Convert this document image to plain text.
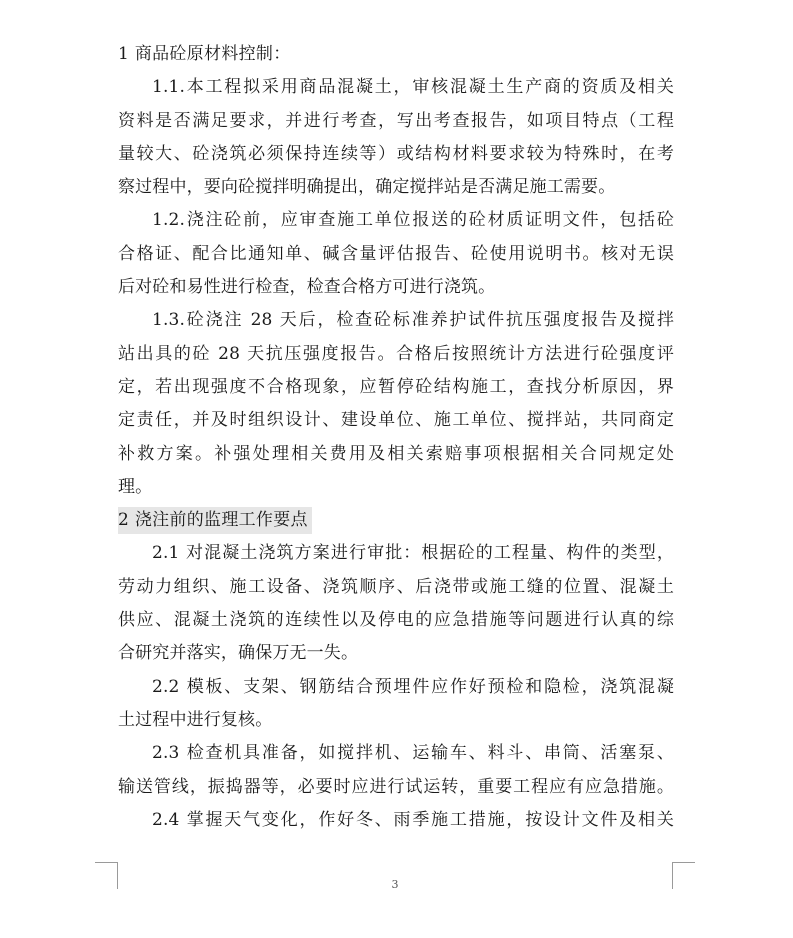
1 商品砼原材料控制：
1.1.本工程拟采用商品混凝土，审核混凝土生产商的资质及相关
资料是否满足要求，并进行考查，写出考查报告，如项目特点（工程
量较大、砼浇筑必须保持连续等）或结构材料要求较为特殊时，在考
察过程中，要向砼搅拌明确提出，确定搅拌站是否满足施工需要。
1.2.浇注砼前，应审查施工单位报送的砼材质证明文件，包括砼
合格证、配合比通知单、碱含量评估报告、砼使用说明书。核对无误
后对砼和易性进行检查，检查合格方可进行浇筑。
1.3.砼浇注 28 天后，检查砼标准养护试件抗压强度报告及搅拌
站出具的砼 28 天抗压强度报告。合格后按照统计方法进行砼强度评
定，若出现强度不合格现象，应暂停砼结构施工，查找分析原因，界
定责任，并及时组织设计、建设单位、施工单位、搅拌站，共同商定
补救方案。补强处理相关费用及相关索赔事项根据相关合同规定处
理。
2 浇注前的监理工作要点
2.1 对混凝土浇筑方案进行审批：根据砼的工程量、构件的类型，
劳动力组织、施工设备、浇筑顺序、后浇带或施工缝的位置、混凝土
供应、混凝土浇筑的连续性以及停电的应急措施等问题进行认真的综
合研究并落实，确保万无一失。
2.2 模板、支架、钢筋结合预埋件应作好预检和隐检，浇筑混凝
土过程中进行复核。
2.3 检查机具准备，如搅拌机、运输车、料斗、串筒、活塞泵、
输送管线，振捣器等，必要时应进行试运转，重要工程应有应急措施。
2.4 掌握天气变化，作好冬、雨季施工措施，按设计文件及相关
3
